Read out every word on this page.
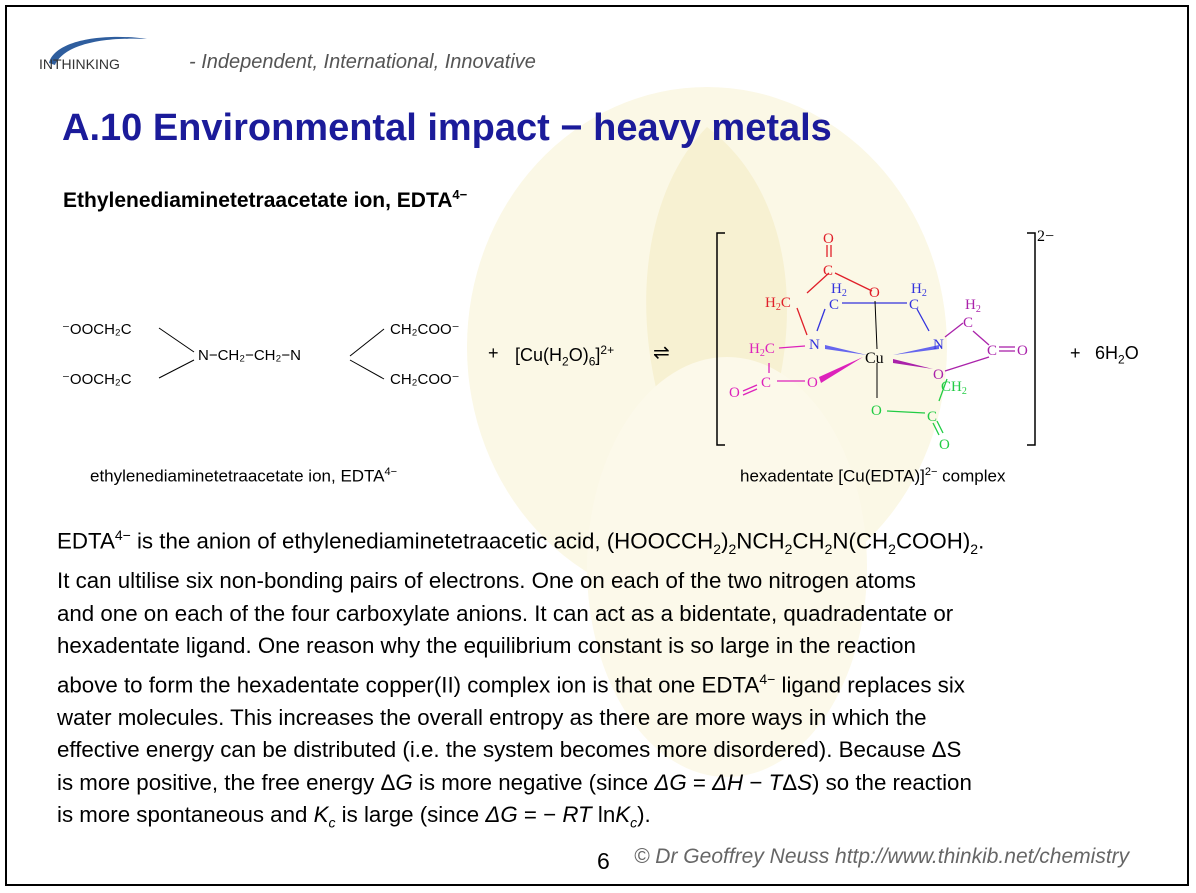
INTHINKING	- Independent, International, Innovative
A.10 Environmental impact − heavy metals
Ethylenediaminetetraacetate ion, $EDTA^{4-}$
⁻OOCH₂C
⁻OOCH₂C
N−CH₂−CH₂−N
CH₂COO⁻
CH₂COO⁻
+ $[Cu(H_2O)_6]^{2+}$ ⇌
2−
O
C
O
$H_2C$
N	N
C	C
$H_2$	$H_2$
Cu
$H_2C$
C
O
O
$H_2$
C
C O
O
$CH_2$
O	C
O
+ $6H_2O$
ethylenediaminetetraacetate ion, $EDTA^{4-}$	hexadentate [Cu(EDTA)]$^{2-}$ complex
$EDTA^{4-}$ is the anion of ethylenediaminetetraacetic acid, $(HOOCCH_2)_2NCH_2CH_2N(CH_2COOH)_2$.
It can ultilise six non-bonding pairs of electrons. One on each of the two nitrogen atoms
and one on each of the four carboxylate anions. It can act as a bidentate, quadradentate or
hexadentate ligand. One reason why the equilibrium constant is so large in the reaction
above to form the hexadentate copper(II) complex ion is that one $EDTA^{4-}$ ligand replaces six
water molecules. This increases the overall entropy as there are more ways in which the
effective energy can be distributed (i.e. the system becomes more disordered). Because ΔS
is more positive, the free energy ΔG is more negative (since ΔG = ΔH − TΔS) so the reaction
is more spontaneous and $K_c$ is large (since ΔG = − RT lnK$_c$).
6 © Dr Geoffrey Neuss http://www.thinkib.net/chemistry
